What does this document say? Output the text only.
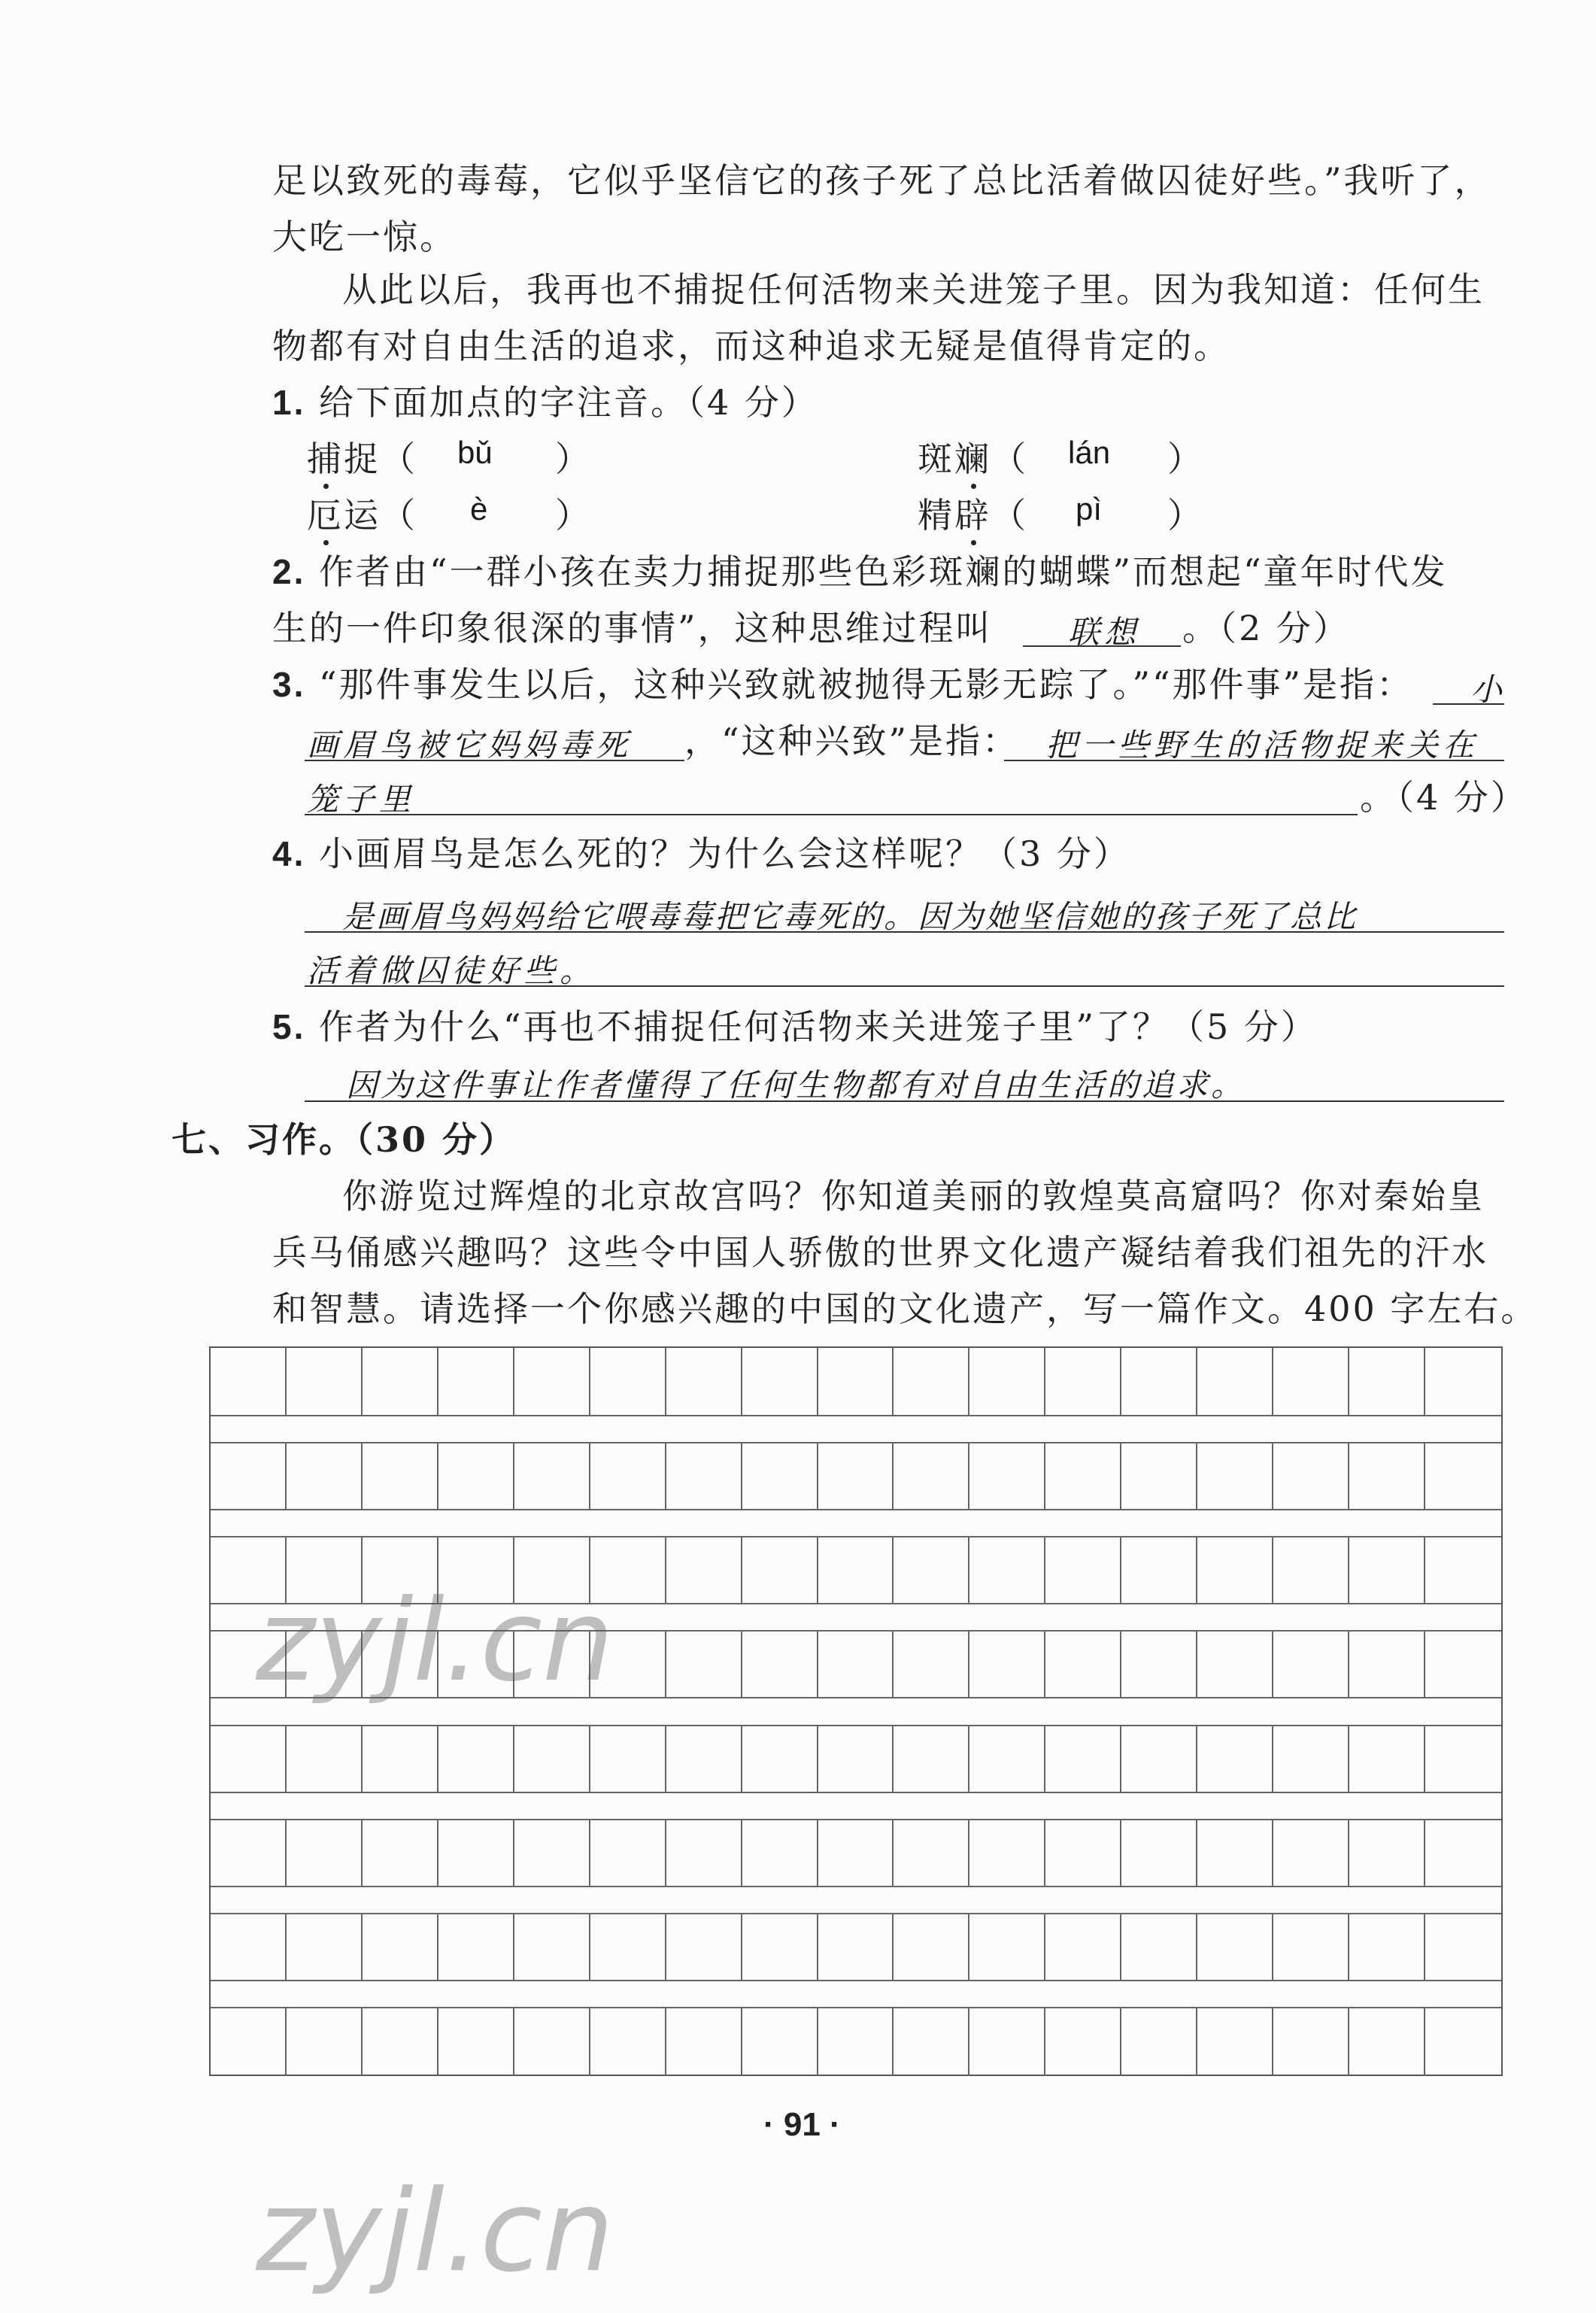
足以致死的毒莓，它似乎坚信它的孩子死了总比活着做囚徒好些。”我听了，
大吃一惊。
从此以后，我再也不捕捉任何活物来关进笼子里。因为我知道：任何生
物都有对自由生活的追求，而这种追求无疑是值得肯定的。
1. 给下面加点的字注音。（4 分）
捕捉（ bǔ ）	斑斓（ lán ）
厄运（ è ）	精辟（ pì ）
2. 作者由“一群小孩在卖力捕捉那些色彩斑斓的蝴蝶”而想起“童年时代发
生的一件印象很深的事情”，这种思维过程叫 联想 。（2 分）
3. “那件事发生以后，这种兴致就被抛得无影无踪了。”“那件事”是指： 小
画眉鸟被它妈妈毒死 ，“这种兴致”是指： 把一些野生的活物捉来关在
笼子里	。（4 分）
4. 小画眉鸟是怎么死的？为什么会这样呢？（3 分）
是画眉鸟妈妈给它喂毒莓把它毒死的。因为她坚信她的孩子死了总比
活着做囚徒好些。
5. 作者为什么“再也不捕捉任何活物来关进笼子里”了？（5 分）
因为这件事让作者懂得了任何生物都有对自由生活的追求。
七、习作。（30 分）
你游览过辉煌的北京故宫吗？你知道美丽的敦煌莫高窟吗？你对秦始皇
兵马俑感兴趣吗？这些令中国人骄傲的世界文化遗产凝结着我们祖先的汗水
和智慧。请选择一个你感兴趣的中国的文化遗产，写一篇作文。400 字左右。
· 91 ·
zyjl.cn
zyjl.cn
